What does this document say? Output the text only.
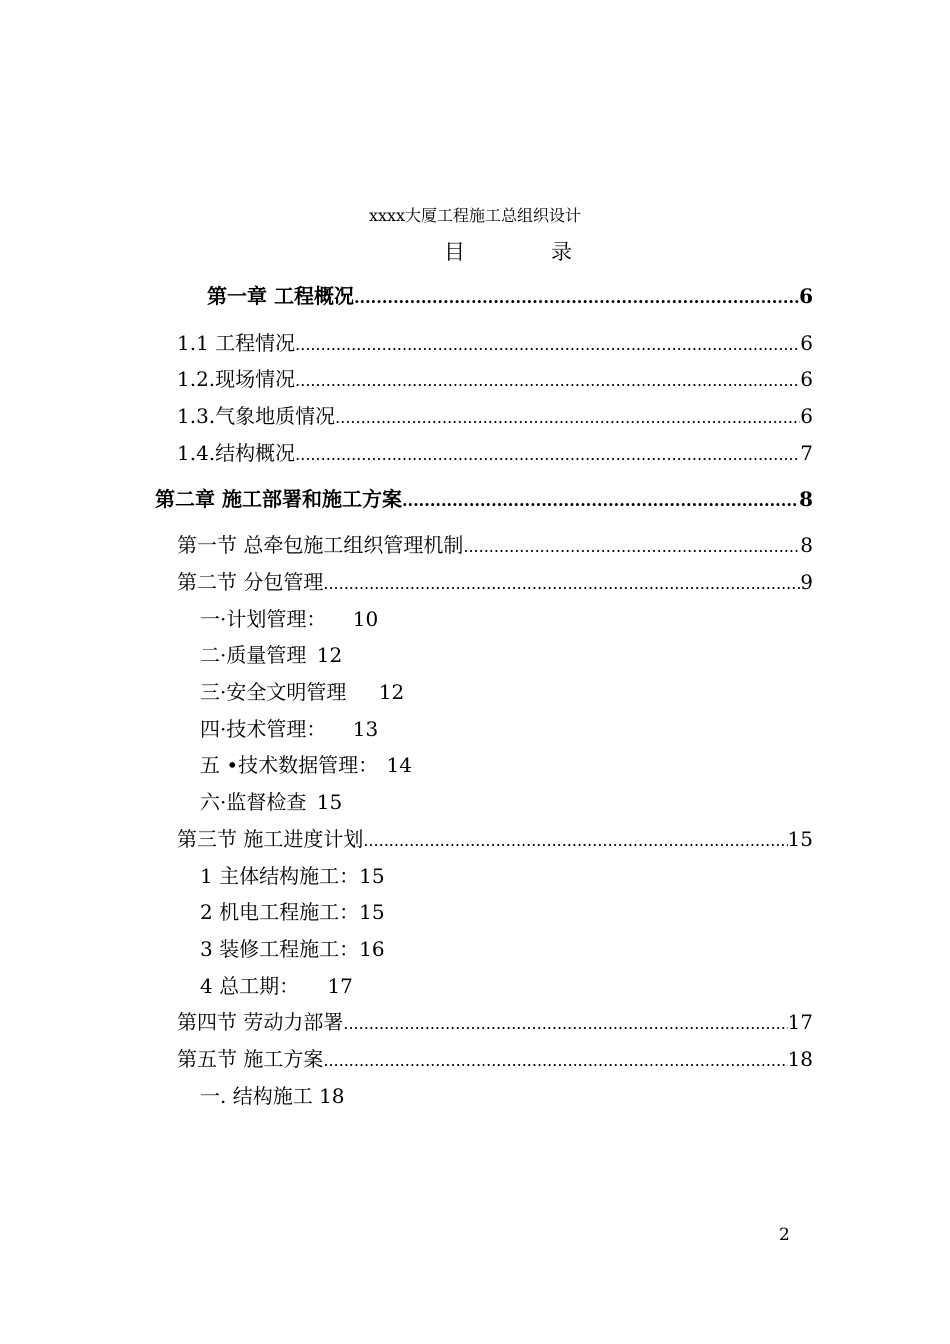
xxxx大厦工程施工总组织设计
目	录
第一章 工程概况 .....	6
1.1 工程情况 .....	6
1.2.现场情况 .....	6
1.3.气象地质情况 .....	6
1.4.结构概况 .....	7
第二章 施工部署和施工方案 .....	8
第一节 总牵包施工组织管理机制 .....	8
第二节 分包管理 .....	9
一·计划管理： 10
二·质量管理 12
三·安全文明管理 12
四·技术管理： 13
五 •技术数据管理： 14
六·监督检查 15
第三节 施工进度计划 .....	15
1 主体结构施工：15
2 机电工程施工：15
3 装修工程施工：16
4 总工期： 17
第四节 劳动力部署 .....	17
第五节 施工方案 .....	18
一. 结构施工 18
2
